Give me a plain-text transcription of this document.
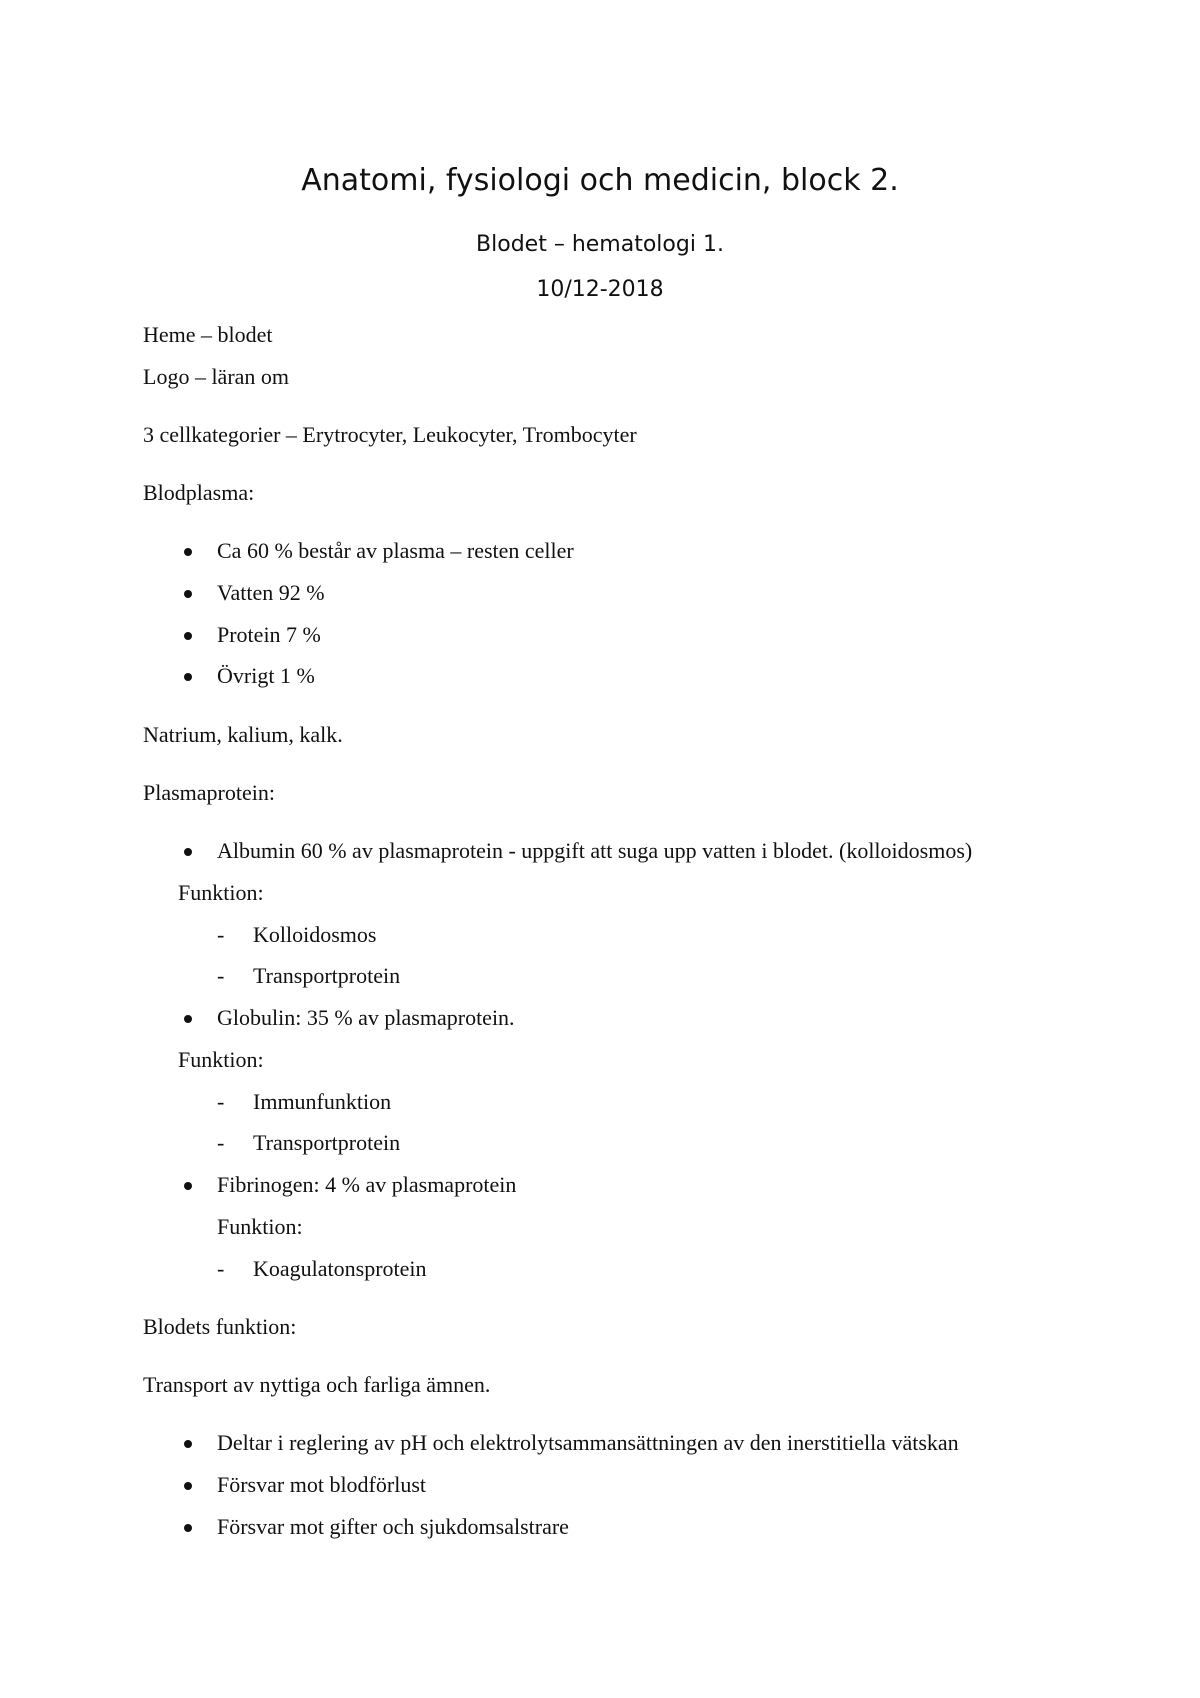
Anatomi, fysiologi och medicin, block 2.
Blodet – hematologi 1.
10/12-2018
Heme – blodet
Logo – läran om
3 cellkategorier – Erytrocyter, Leukocyter, Trombocyter
Blodplasma:
Ca 60 % består av plasma – resten celler
Vatten 92 %
Protein 7 %
Övrigt 1 %
Natrium, kalium, kalk.
Plasmaprotein:
Albumin 60 % av plasmaprotein - uppgift att suga upp vatten i blodet. (kolloidosmos)
Funktion:
- Kolloidosmos
- Transportprotein
Globulin: 35 % av plasmaprotein.
Funktion:
- Immunfunktion
- Transportprotein
Fibrinogen: 4 % av plasmaprotein
Funktion:
- Koagulatonsprotein
Blodets funktion:
Transport av nyttiga och farliga ämnen.
Deltar i reglering av pH och elektrolytsammansättningen av den inerstitiella vätskan
Försvar mot blodförlust
Försvar mot gifter och sjukdomsalstrare
